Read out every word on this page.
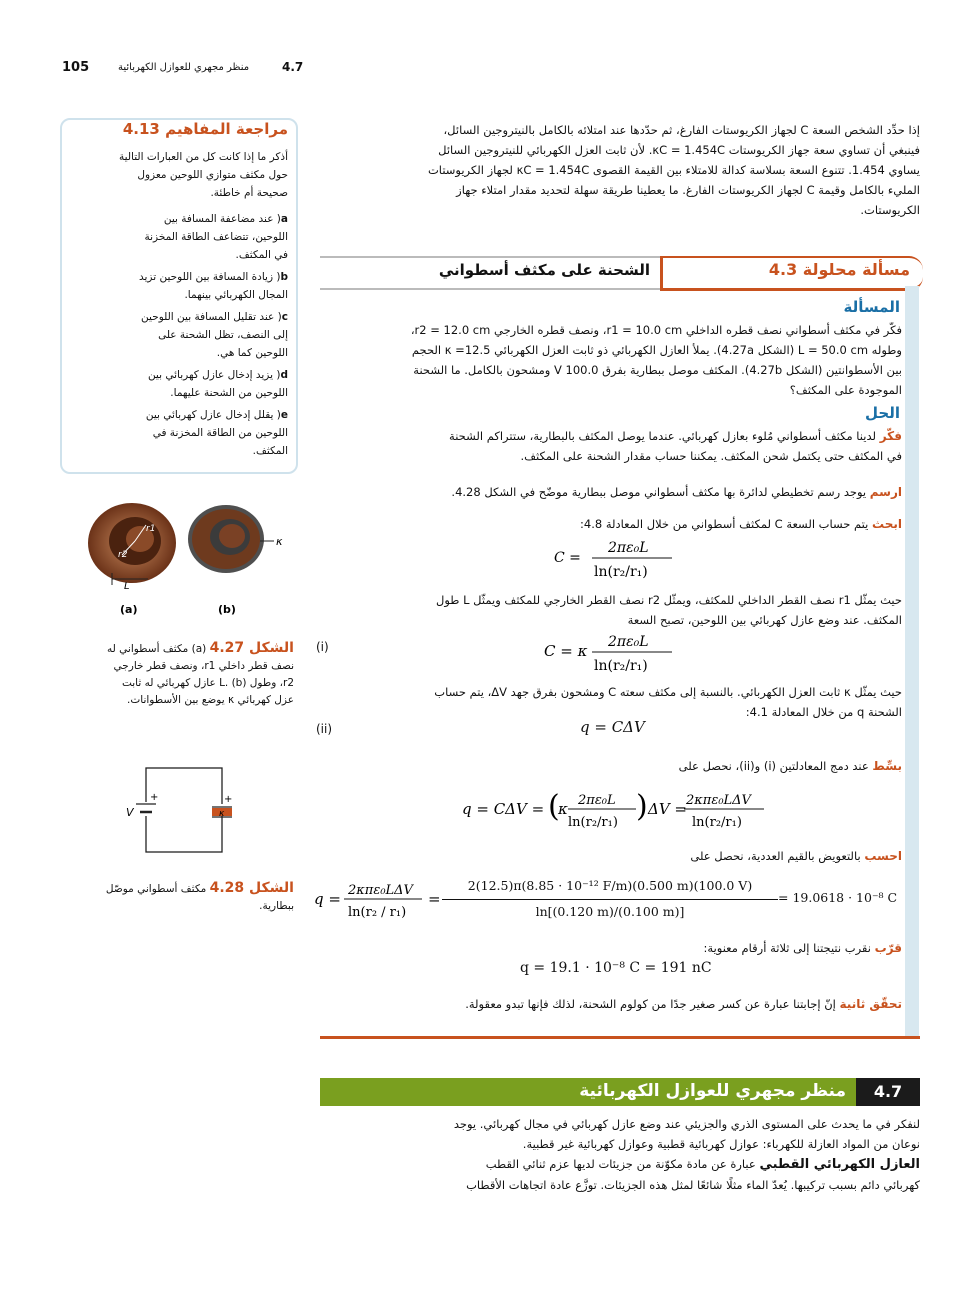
105	منظر مجهري للعوازل الكهربائية	4.7
إذا حدِّد الشخص السعة C لجهاز الكريوستات الفارغ، ثم حدّدها عند امتلائه بالكامل بالنيتروجين السائل،
فينبغي أن تساوي سعة جهاز الكريوستات κC = 1.454C. لأن ثابت العزل الكهربائي للنيتروجين السائل
يساوي 1.454. تتنوع السعة بسلاسة كدالة للامتلاء بين القيمة القصوى κC = 1.454C لجهاز الكريوستات
المليء بالكامل وقيمة C لجهاز الكريوستات الفارغ. ما يعطينا طريقة سهلة لتحديد مقدار امتلاء جهاز
الكريوستات.
مراجعة المفاهيم 4.13
أذكر ما إذا كانت كل من العبارات التالية
حول مكثف متوازي اللوحين معزول
صحيحة أم خاطئة.
a( عند مضاعفة المسافة بين
اللوحين، تتضاعف الطاقة المخزنة
في المكثف.
b( زيادة المسافة بين اللوحين تزيد
المجال الكهربائي بينهما.
c( عند تقليل المسافة بين اللوحين
إلى النصف، تظل الشحنة على
اللوحين كما هي.
d( يزيد إدخال عازل كهربائي بين
اللوحين من الشحنة عليهما.
e( يقلل إدخال عازل كهربائي بين
اللوحين من الطاقة المخزنة في
المكثف.
r1
r2
L
κ
(a)	(b)
الشكل 4.27 (a) مكثف أسطواني له
نصف قطر داخلي r1، ونصف قطر خارجي
r2، وطول L. (b) عازل كهربائي له ثابت
عزل كهربائي κ يوضع بين الأسطوانات.
V
+	+
κ
الشكل 4.28 مكثف أسطواني موصّل
ببطارية.
مسألة محلولة 4.3
الشحنة على مكثف أسطواني
المسألة
فكّر في مكثف أسطواني نصف قطره الداخلي r1 = 10.0 cm، ونصف قطره الخارجي r2 = 12.0 cm،
وطوله L = 50.0 cm (الشكل 4.27a). يملأ العازل الكهربائي ذو ثابت العزل الكهربائي κ =12.5 الحجم
بين الأسطوانتين (الشكل 4.27b). المكثف موصل ببطارية بفرق 100.0 V ومشحون بالكامل. ما الشحنة
الموجودة على المكثف؟
الحل
فكّر لدينا مكثف أسطواني مُلوء بعازل كهربائي. عندما يوصل المكثف بالبطارية، ستتراكم الشحنة
في المكثف حتى يكتمل شحن المكثف. يمكننا حساب مقدار الشحنة على المكثف.
ارسم يوجد رسم تخطيطي لدائرة بها مكثف أسطواني موصل ببطارية موضّح في الشكل 4.28.
ابحث يتم حساب السعة C لمكثف أسطواني من خلال المعادلة 4.8:
C =
2πε₀L
ln(r₂/r₁)
حيث يمثّل r1 نصف القطر الداخلي للمكثف، ويمثّل r2 نصف القطر الخارجي للمكثف ويمثّل L طول
المكثف. عند وضع عازل كهربائي بين اللوحين، تصبح السعة
(i)	C = κ 2πε₀L
ln(r₂/r₁)
حيث يمثّل κ ثابت العزل الكهربائي. بالنسبة إلى مكثف سعته C ومشحون بفرق جهد ΔV، يتم حساب
الشحنة q من خلال المعادلة 4.1:
(ii)	q = CΔV
بسِّط عند دمج المعادلتين (i) و(ii)، نحصل على
q = CΔV = (
κ 2πε₀L
ln(r₂/r₁) ) ΔV =
2κπε₀LΔV
ln(r₂/r₁)
احسب بالتعويض بالقيم العددية، نحصل على
q = 2κπε₀LΔV
ln(r₂ / r₁)
=
2(12.5)π(8.85 · 10⁻¹² F/m)(0.500 m)(100.0 V)
ln[(0.120 m)/(0.100 m)]
= 19.0618 · 10⁻⁸ C
قرّب نقرب نتيجتنا إلى ثلاثة أرقام معنوية:
q = 19.1 · 10⁻⁸ C = 191 nC
تحقّق ثانية إنّ إجابتنا عبارة عن كسر صغير جدًا من كولوم الشحنة، لذلك فإنها تبدو معقولة.
4.7
منظر مجهري للعوازل الكهربائية
لنفكر في ما يحدث على المستوى الذري والجزيئي عند وضع عازل كهربائي في مجال كهربائي. يوجد
نوعان من المواد العازلة للكهرباء: عوازل كهربائية قطبية وعوازل كهربائية غير قطبية.
العازل الكهربائي القطبي عبارة عن مادة مكوّنة من جزيئات لديها عزم ثنائي القطب
كهربائي دائم بسبب تركيبها. يُعدّ الماء مثلًا شائعًا لمثل هذه الجزيئات. توزَّع عادة اتجاهات الأقطاب
